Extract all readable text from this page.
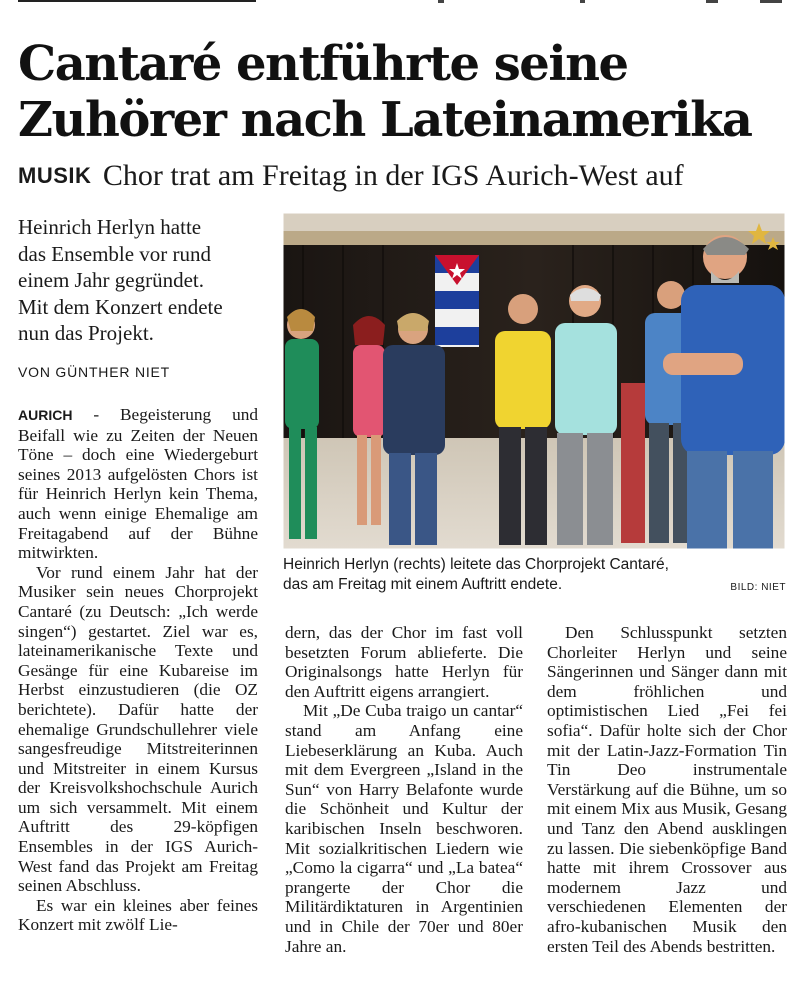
Cantaré entführte seine
Zuhörer nach Lateinamerika
MUSIK Chor trat am Freitag in der IGS Aurich-West auf

Heinrich Herlyn hatte
das Ensemble vor rund
einem Jahr gegründet.
Mit dem Konzert endete
nun das Projekt.

VON GÜNTHER NIET

AURICH - Begeisterung und Beifall wie zu Zeiten der Neuen Töne – doch eine Wiedergeburt seines 2013 aufgelösten Chors ist für Heinrich Herlyn kein Thema, auch wenn einige Ehemalige am Freitagabend auf der Bühne mitwirkten.

Vor rund einem Jahr hat der Musiker sein neues Chorprojekt Cantaré (zu Deutsch: „Ich werde singen“) gestartet. Ziel war es, lateinamerikanische Texte und Gesänge für eine Kubareise im Herbst einzustudieren (die OZ berichtete). Dafür hatte der ehemalige Grundschullehrer viele sangesfreudige Mitstreiterinnen und Mitstreiter in einem Kursus der Kreisvolkshochschule Aurich um sich versammelt. Mit einem Auftritt des 29-köpfigen Ensembles in der IGS Aurich-West fand das Projekt am Freitag seinen Abschluss.

Es war ein kleines aber feines Konzert mit zwölf Lie-

Heinrich Herlyn (rechts) leitete das Chorprojekt Cantaré,
das am Freitag mit einem Auftritt endete.	BILD: NIET

dern, das der Chor im fast voll besetzten Forum ablieferte. Die Originalsongs hatte Herlyn für den Auftritt eigens arrangiert.

Mit „De Cuba traigo un cantar“ stand am Anfang eine Liebeserklärung an Kuba. Auch mit dem Evergreen „Island in the Sun“ von Harry Belafonte wurde die Schönheit und Kultur der karibischen Inseln beschworen. Mit sozialkritischen Liedern wie „Como la cigarra“ und „La batea“ prangerte der Chor die Militärdiktaturen in Argentinien und in Chile der 70er und 80er Jahre an.

Den Schlusspunkt setzten Chorleiter Herlyn und seine Sängerinnen und Sänger dann mit dem fröhlichen und optimistischen Lied „Fei fei sofia“. Dafür holte sich der Chor mit der Latin-Jazz-Formation Tin Tin Deo instrumentale Verstärkung auf die Bühne, um so mit einem Mix aus Musik, Gesang und Tanz den Abend ausklingen zu lassen. Die siebenköpfige Band hatte mit ihrem Crossover aus modernem Jazz und verschiedenen Elementen der afro-kubanischen Musik den ersten Teil des Abends bestritten.
